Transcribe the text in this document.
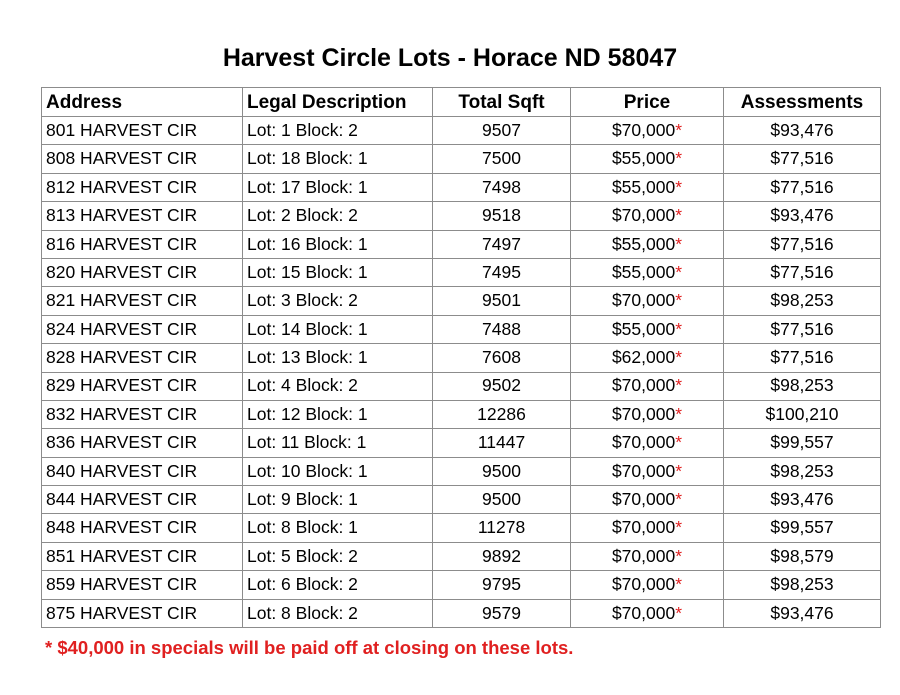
Harvest Circle Lots - Horace ND 58047
Address	Legal Description	Total Sqft	Price	Assessments
801 HARVEST CIR	Lot: 1 Block: 2	9507	$70,000*	$93,476
808 HARVEST CIR	Lot: 18 Block: 1	7500	$55,000*	$77,516
812 HARVEST CIR	Lot: 17 Block: 1	7498	$55,000*	$77,516
813 HARVEST CIR	Lot: 2 Block: 2	9518	$70,000*	$93,476
816 HARVEST CIR	Lot: 16 Block: 1	7497	$55,000*	$77,516
820 HARVEST CIR	Lot: 15 Block: 1	7495	$55,000*	$77,516
821 HARVEST CIR	Lot: 3 Block: 2	9501	$70,000*	$98,253
824 HARVEST CIR	Lot: 14 Block: 1	7488	$55,000*	$77,516
828 HARVEST CIR	Lot: 13 Block: 1	7608	$62,000*	$77,516
829 HARVEST CIR	Lot: 4 Block: 2	9502	$70,000*	$98,253
832 HARVEST CIR	Lot: 12 Block: 1	12286	$70,000*	$100,210
836 HARVEST CIR	Lot: 11 Block: 1	11447	$70,000*	$99,557
840 HARVEST CIR	Lot: 10 Block: 1	9500	$70,000*	$98,253
844 HARVEST CIR	Lot: 9 Block: 1	9500	$70,000*	$93,476
848 HARVEST CIR	Lot: 8 Block: 1	11278	$70,000*	$99,557
851 HARVEST CIR	Lot: 5 Block: 2	9892	$70,000*	$98,579
859 HARVEST CIR	Lot: 6 Block: 2	9795	$70,000*	$98,253
875 HARVEST CIR	Lot: 8 Block: 2	9579	$70,000*	$93,476
* $40,000 in specials will be paid off at closing on these lots.
